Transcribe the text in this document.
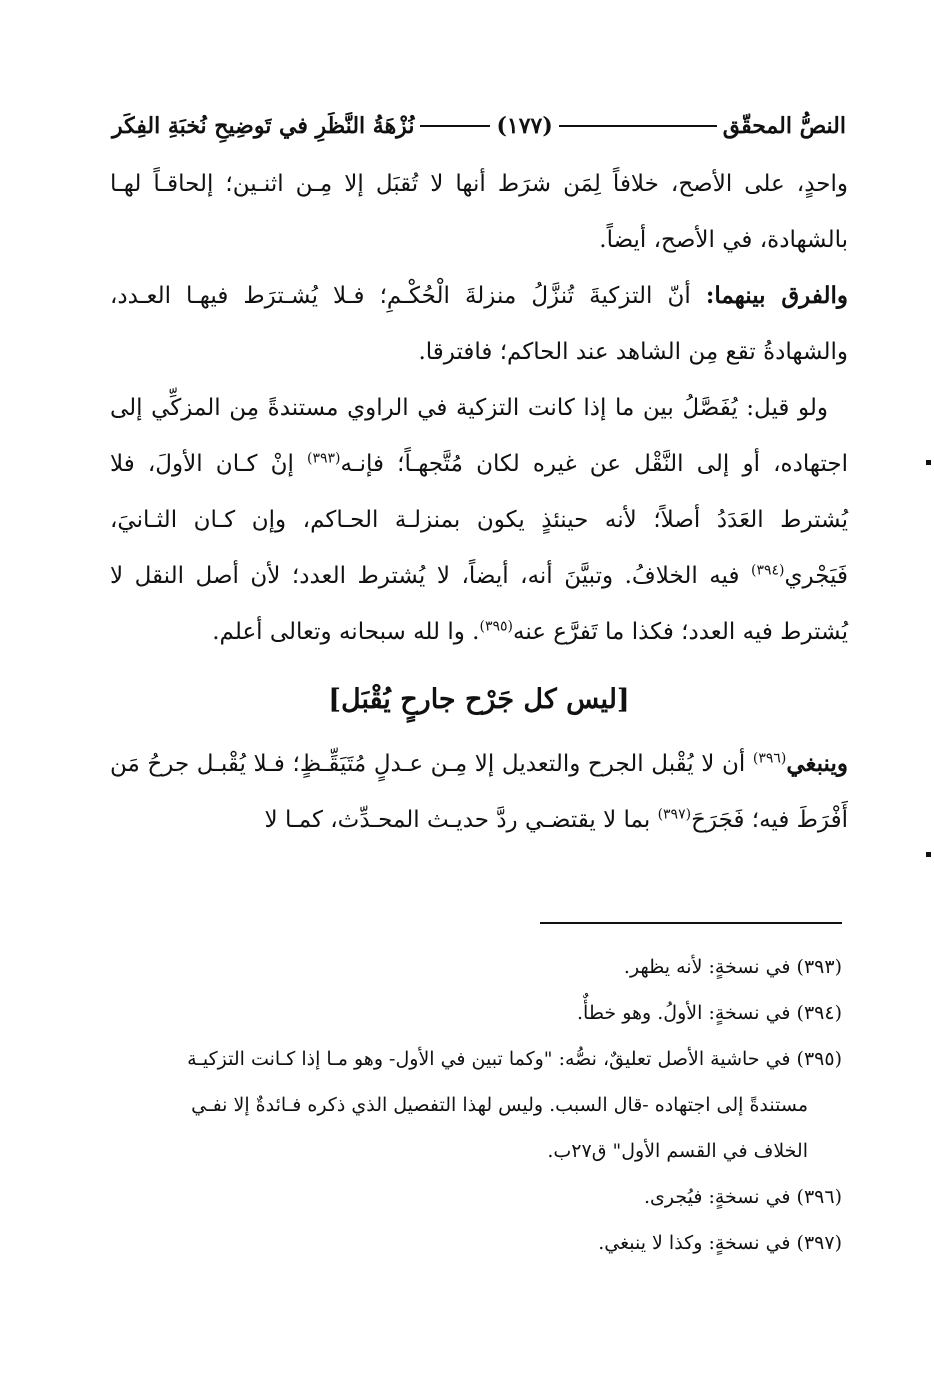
النصُّ المحقّق
(١٧٧)
نُزْهَةُ النَّظَرِ في تَوضِيحِ نُخبَةِ الفِكَر

واحدٍ، على الأصح، خلافاً لِمَن شرَط أنها لا تُقبَل إلا مِـن اثنـين؛ إلحاقـاً لهـا بالشهادة، في الأصح، أيضاً.

والفرق بينهما: أنّ التزكيةَ تُنزَّلُ منزلةَ الْحُكْـمِ؛ فـلا يُشـترَط فيهـا العـدد، والشهادةُ تقع مِن الشاهد عند الحاكم؛ فافترقا.

ولو قيل: يُفَصَّلُ بين ما إذا كانت التزكية في الراوي مستندةً مِن المزكِّي إلى اجتهاده، أو إلى النَّقْل عن غيره لكان مُتَّجهـاً؛ فإنـه$^{(٣٩٣)}$ إنْ كـان الأولَ، فلا يُشترط العَدَدُ أصلاً؛ لأنه حينئذٍ يكون بمنزلـة الحـاكم، وإن كـان الثـانيَ، فَيَجْري$^{(٣٩٤)}$ فيه الخلافُ. وتبيَّنَ أنه، أيضاً، لا يُشترط العدد؛ لأن أصل النقل لا يُشترط فيه العدد؛ فكذا ما تَفرَّع عنه$^{(٣٩٥)}$. وا لله سبحانه وتعالى أعلم.

[ليس كل جَرْح جارحٍ يُقْبَل]

وينبغي$^{(٣٩٦)}$ أن لا يُقْبل الجرح والتعديل إلا مِـن عـدلٍ مُتَيَقِّـظٍ؛ فـلا يُقْبـل جرحُ مَن أَفْرَطَ فيه؛ فَجَرَحَ$^{(٣٩٧)}$ بما لا يقتضـي ردَّ حديـث المحـدِّث، كمـا لا

(٣٩٣) في نسخةٍ: لأنه يظهر.

(٣٩٤) في نسخةٍ: الأولُ. وهو خطأٌ.

(٣٩٥) في حاشية الأصل تعليقٌ، نصُّه: "وكما تبين في الأول- وهو مـا إذا كـانت التزكيـة

مستندةً إلى اجتهاده -قال السبب. وليس لهذا التفصيل الذي ذكره فـائدةٌ إلا نفـي

الخلاف في القسم الأول" ق٢٧ب.

(٣٩٦) في نسخةٍ: فيُجرى.

(٣٩٧) في نسخةٍ: وكذا لا ينبغي.
